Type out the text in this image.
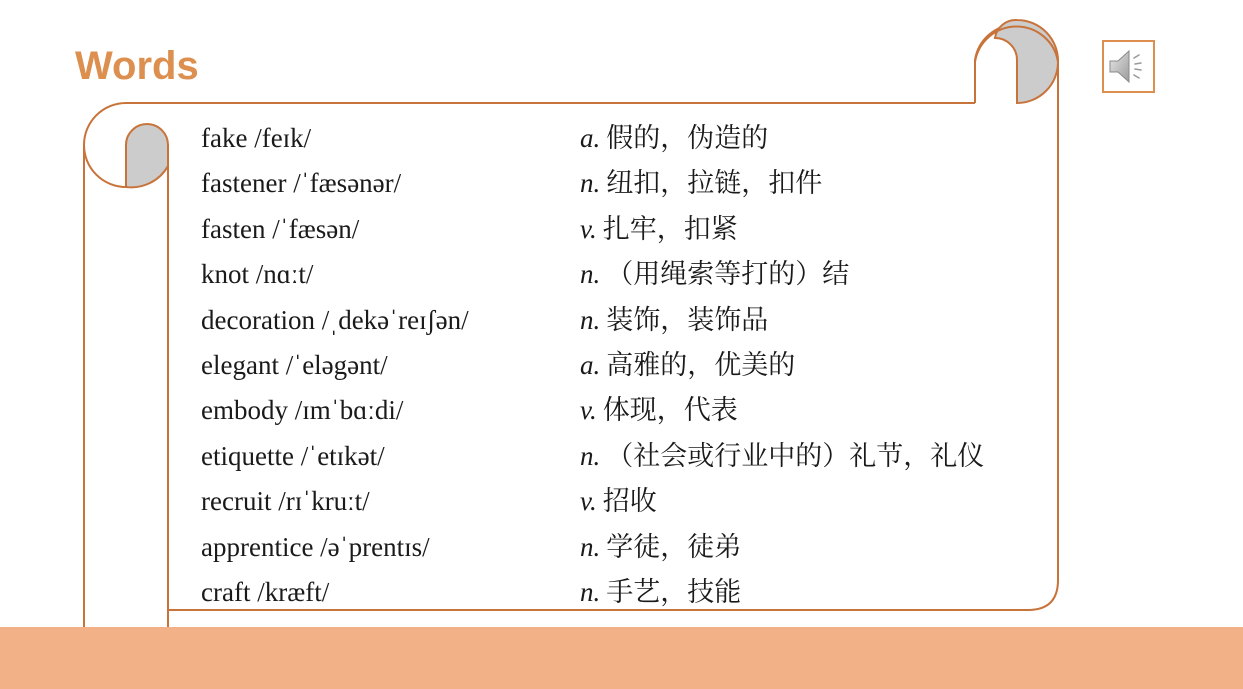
Words
fake /feɪk/	a. 假的，伪造的
fastener /ˈfæsənər/	n. 纽扣，拉链，扣件
fasten /ˈfæsən/	v. 扎牢，扣紧
knot /nɑːt/	n. （用绳索等打的）结
decoration /ˌdekəˈreɪʃən/	n. 装饰，装饰品
elegant /ˈeləgənt/	a. 高雅的，优美的
embody /ɪmˈbɑːdi/	v. 体现，代表
etiquette /ˈetɪkət/	n. （社会或行业中的）礼节，礼仪
recruit /rɪˈkruːt/	v. 招收
apprentice /əˈprentɪs/	n. 学徒，徒弟
craft /kræft/	n. 手艺，技能
